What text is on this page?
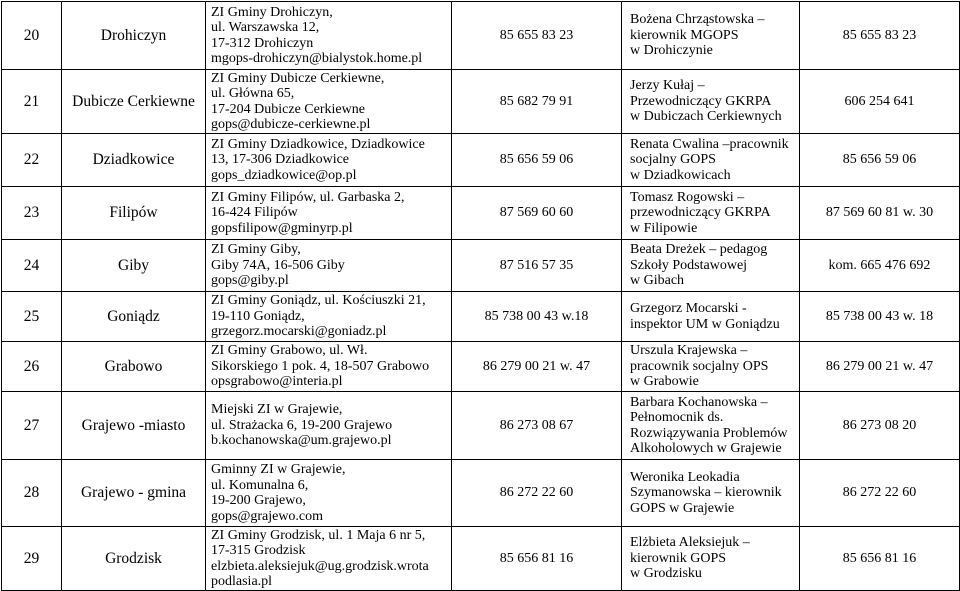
20	Drohiczyn	ZI Gminy Drohiczyn,
ul. Warszawska 12,
17-312 Drohiczyn
mgops-drohiczyn@bialystok.home.pl	85 655 83 23	Bożena Chrząstowska –
kierownik MGOPS
w Drohiczynie	85 655 83 23
21	Dubicze Cerkiewne	ZI Gminy Dubicze Cerkiewne,
ul. Główna 65,
17-204 Dubicze Cerkiewne
gops@dubicze-cerkiewne.pl	85 682 79 91	Jerzy Kułaj –
Przewodniczący GKRPA
w Dubiczach Cerkiewnych	606 254 641
22	Dziadkowice	ZI Gminy Dziadkowice, Dziadkowice
13, 17-306 Dziadkowice
gops_dziadkowice@op.pl	85 656 59 06	Renata Cwalina –pracownik
socjalny GOPS
w Dziadkowicach	85 656 59 06
23	Filipów	ZI Gminy Filipów, ul. Garbaska 2,
16-424 Filipów
gopsfilipow@gminyrp.pl	87 569 60 60	Tomasz Rogowski –
przewodniczący GKRPA
w Filipowie	87 569 60 81 w. 30
24	Giby	ZI Gminy Giby,
Giby 74A, 16-506 Giby
gops@giby.pl	87 516 57 35	Beata Dreżek – pedagog
Szkoły Podstawowej
w Gibach	kom. 665 476 692
25	Goniądz	ZI Gminy Goniądz, ul. Kościuszki 21,
19-110 Goniądz,
grzegorz.mocarski@goniadz.pl	85 738 00 43 w.18	Grzegorz Mocarski -
inspektor UM w Goniądzu	85 738 00 43 w. 18
26	Grabowo	ZI Gminy Grabowo, ul. Wł.
Sikorskiego 1 pok. 4, 18-507 Grabowo
opsgrabowo@interia.pl	86 279 00 21 w. 47	Urszula Krajewska –
pracownik socjalny OPS
w Grabowie	86 279 00 21 w. 47
27	Grajewo -miasto	Miejski ZI w Grajewie,
ul. Strażacka 6, 19-200 Grajewo
b.kochanowska@um.grajewo.pl	86 273 08 67	Barbara Kochanowska –
Pełnomocnik ds.
Rozwiązywania Problemów
Alkoholowych w Grajewie	86 273 08 20
28	Grajewo - gmina	Gminny ZI w Grajewie,
ul. Komunalna 6,
19-200 Grajewo,
gops@grajewo.com	86 272 22 60	Weronika Leokadia
Szymanowska – kierownik
GOPS w Grajewie	86 272 22 60
29	Grodzisk	ZI Gminy Grodzisk, ul. 1 Maja 6 nr 5,
17-315 Grodzisk
elzbieta.aleksiejuk@ug.grodzisk.wrota
podlasia.pl	85 656 81 16	Elżbieta Aleksiejuk –
kierownik GOPS
w Grodzisku	85 656 81 16
